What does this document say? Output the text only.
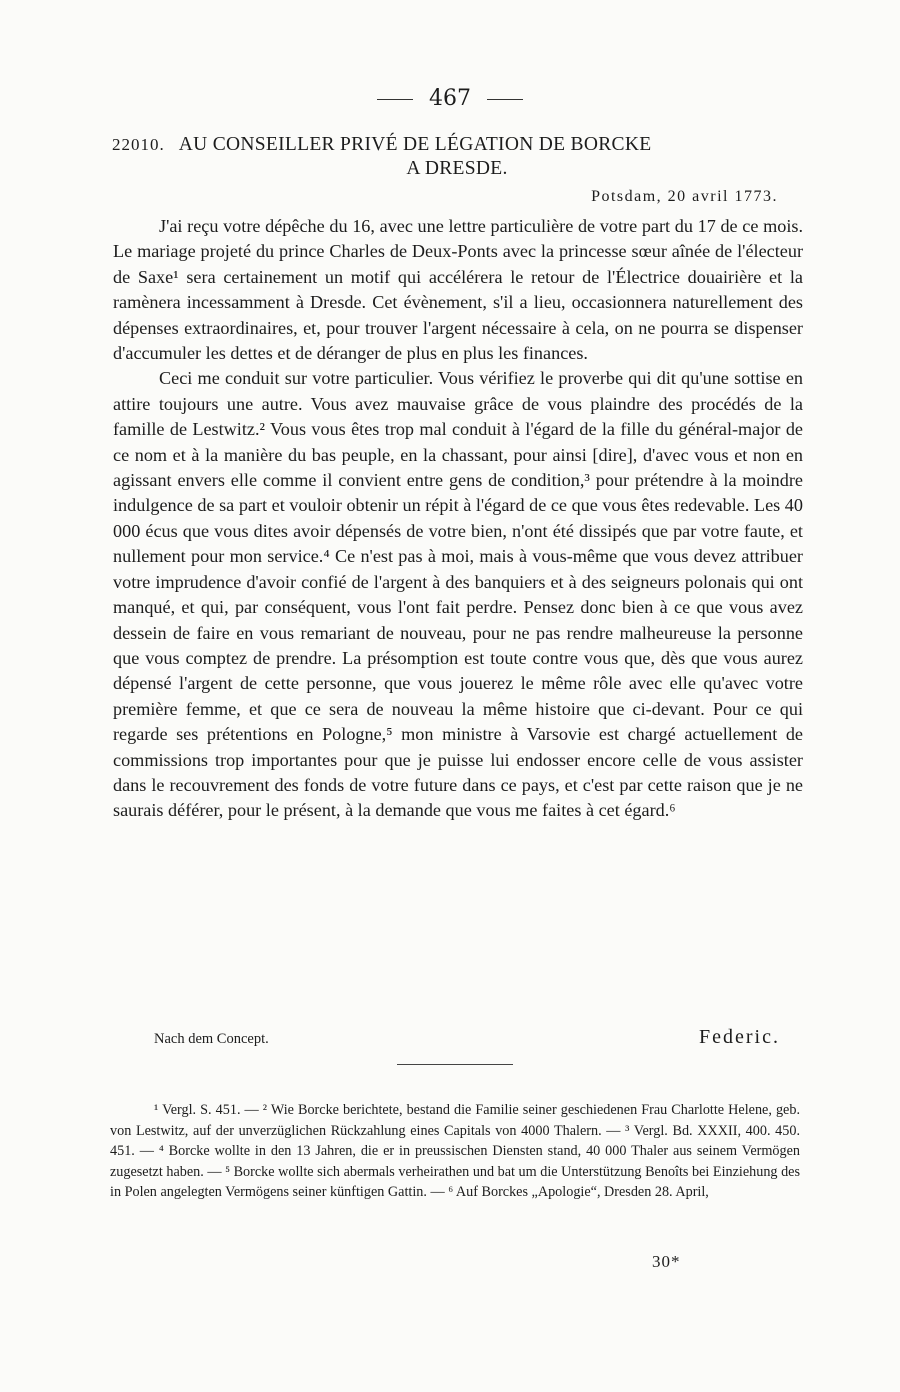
467
22010. AU CONSEILLER PRIVÉ DE LÉGATION DE BORCKE
A DRESDE.
Potsdam, 20 avril 1773.

J'ai reçu votre dépêche du 16, avec une lettre particulière de votre part du 17 de ce mois. Le mariage projeté du prince Charles de Deux-Ponts avec la princesse sœur aînée de l'électeur de Saxe¹ sera certainement un motif qui accélérera le retour de l'Électrice douairière et la ramènera incessamment à Dresde. Cet évènement, s'il a lieu, occasionnera naturellement des dépenses extraordinaires, et, pour trouver l'argent nécessaire à cela, on ne pourra se dispenser d'accumuler les dettes et de déranger de plus en plus les finances.

Ceci me conduit sur votre particulier. Vous vérifiez le proverbe qui dit qu'une sottise en attire toujours une autre. Vous avez mauvaise grâce de vous plaindre des procédés de la famille de Lestwitz.² Vous vous êtes trop mal conduit à l'égard de la fille du général-major de ce nom et à la manière du bas peuple, en la chassant, pour ainsi [dire], d'avec vous et non en agissant envers elle comme il convient entre gens de condition,³ pour prétendre à la moindre indulgence de sa part et vouloir obtenir un répit à l'égard de ce que vous êtes redevable. Les 40 000 écus que vous dites avoir dépensés de votre bien, n'ont été dissipés que par votre faute, et nullement pour mon service.⁴ Ce n'est pas à moi, mais à vous-même que vous devez attribuer votre imprudence d'avoir confié de l'argent à des banquiers et à des seigneurs polonais qui ont manqué, et qui, par conséquent, vous l'ont fait perdre. Pensez donc bien à ce que vous avez dessein de faire en vous remariant de nouveau, pour ne pas rendre malheureuse la personne que vous comptez de prendre. La présomption est toute contre vous que, dès que vous aurez dépensé l'argent de cette personne, que vous jouerez le même rôle avec elle qu'avec votre première femme, et que ce sera de nouveau la même histoire que ci-devant. Pour ce qui regarde ses prétentions en Pologne,⁵ mon ministre à Varsovie est chargé actuellement de commissions trop importantes pour que je puisse lui endosser encore celle de vous assister dans le recouvrement des fonds de votre future dans ce pays, et c'est par cette raison que je ne saurais déférer, pour le présent, à la demande que vous me faites à cet égard.⁶

Nach dem Concept.	Federic.

¹ Vergl. S. 451. — ² Wie Borcke berichtete, bestand die Familie seiner geschiedenen Frau Charlotte Helene, geb. von Lestwitz, auf der unverzüglichen Rückzahlung eines Capitals von 4000 Thalern. — ³ Vergl. Bd. XXXII, 400. 450. 451. — ⁴ Borcke wollte in den 13 Jahren, die er in preussischen Diensten stand, 40 000 Thaler aus seinem Vermögen zugesetzt haben. — ⁵ Borcke wollte sich abermals verheirathen und bat um die Unterstützung Benoîts bei Einziehung des in Polen angelegten Vermögens seiner künftigen Gattin. — ⁶ Auf Borckes „Apologie“, Dresden 28. April,

30*
